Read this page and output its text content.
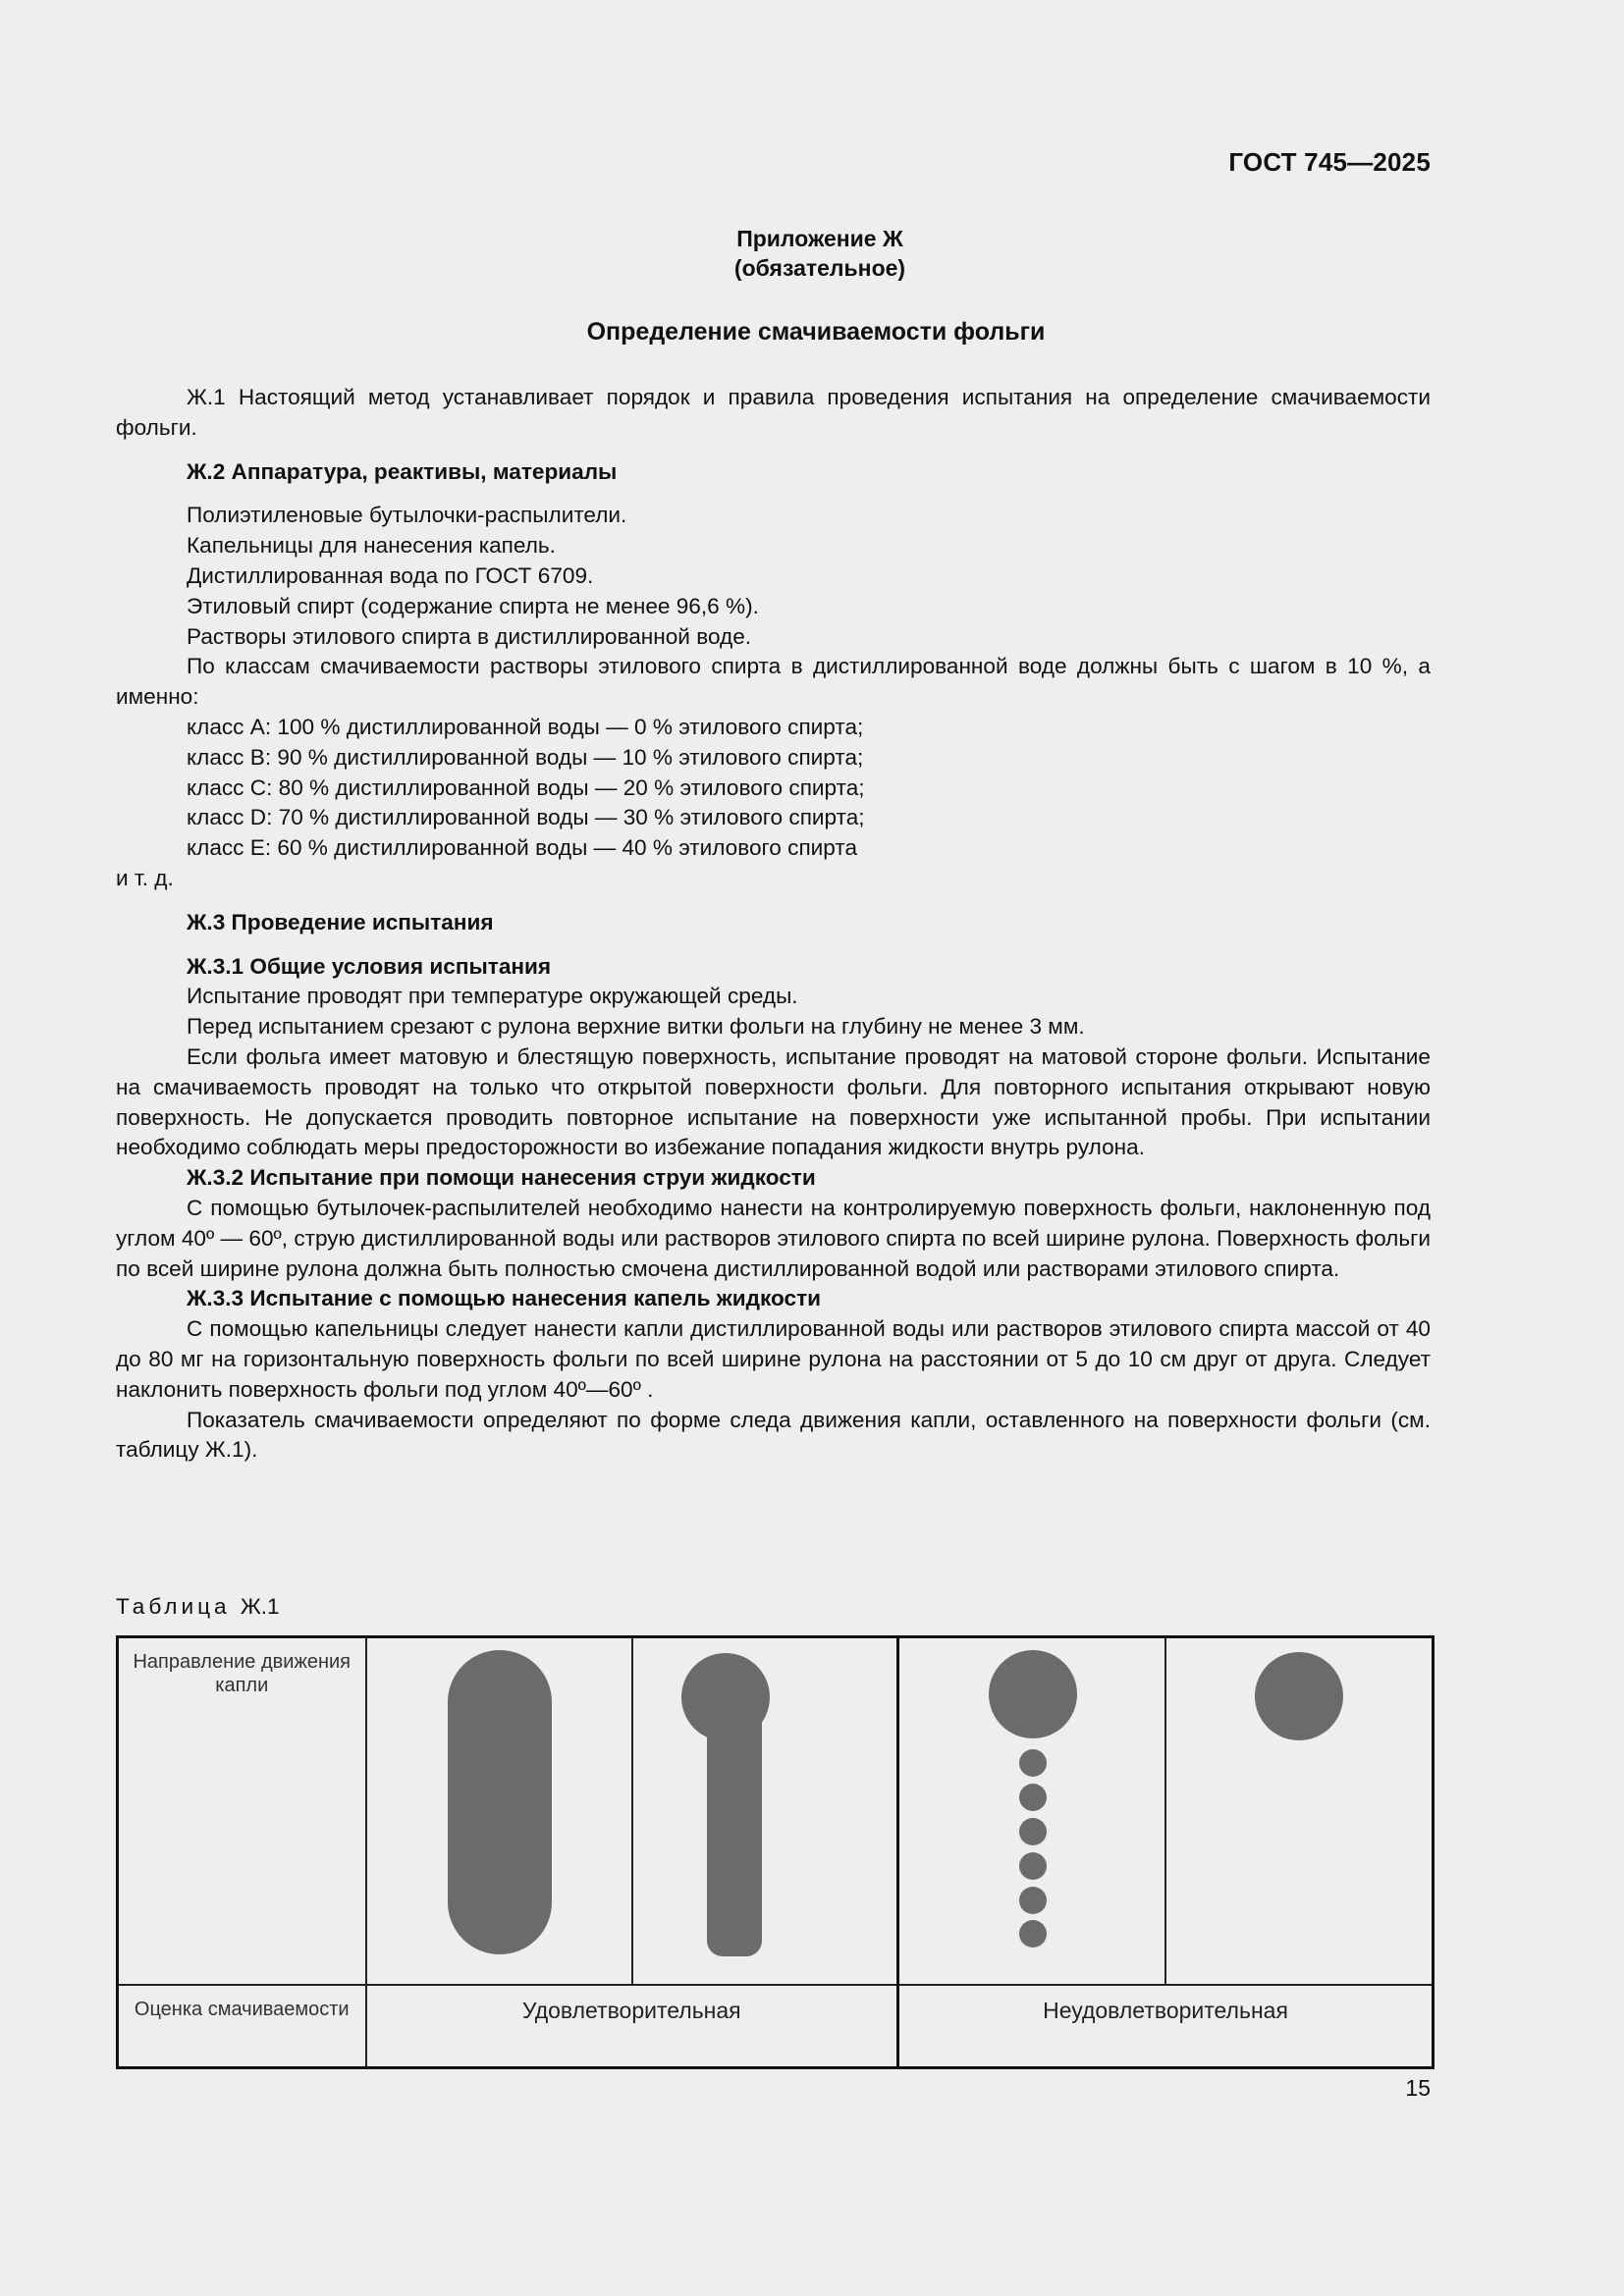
ГОСТ 745—2025
Приложение Ж
(обязательное)
Определение смачиваемости фольги

Ж.1 Настоящий метод устанавливает порядок и правила проведения испытания на определение смачиваемости фольги.

Ж.2 Аппаратура, реактивы, материалы

Полиэтиленовые бутылочки-распылители.

Капельницы для нанесения капель.

Дистиллированная вода по ГОСТ 6709.

Этиловый спирт (содержание спирта не менее 96,6 %).

Растворы этилового спирта в дистиллированной воде.

По классам смачиваемости растворы этилового спирта в дистиллированной воде должны быть с шагом в 10 %, а именно:

класс А: 100 % дистиллированной воды — 0 % этилового спирта;

класс В: 90 % дистиллированной воды — 10 % этилового спирта;

класс С: 80 % дистиллированной воды — 20 % этилового спирта;

класс D: 70 % дистиллированной воды — 30 % этилового спирта;

класс Е: 60 % дистиллированной воды — 40 % этилового спирта

и т. д.

Ж.3 Проведение испытания

Ж.3.1 Общие условия испытания

Испытание проводят при температуре окружающей среды.

Перед испытанием срезают с рулона верхние витки фольги на глубину не менее 3 мм.

Если фольга имеет матовую и блестящую поверхность, испытание проводят на матовой стороне фольги. Испытание на смачиваемость проводят на только что открытой поверхности фольги. Для повторного испытания открывают новую поверхность. Не допускается проводить повторное испытание на поверхности уже испытанной пробы. При испытании необходимо соблюдать меры предосторожности во избежание попадания жидкости внутрь рулона.

Ж.3.2 Испытание при помощи нанесения струи жидкости

С помощью бутылочек-распылителей необходимо нанести на контролируемую поверхность фольги, наклоненную под углом 40º — 60º, струю дистиллированной воды или растворов этилового спирта по всей ширине рулона. Поверхность фольги по всей ширине рулона должна быть полностью смочена дистиллированной водой или растворами этилового спирта.

Ж.3.3 Испытание с помощью нанесения капель жидкости

С помощью капельницы следует нанести капли дистиллированной воды или растворов этилового спирта массой от 40 до 80 мг на горизонтальную поверхность фольги по всей ширине рулона на расстоянии от 5 до 10 см друг от друга. Следует наклонить поверхность фольги под углом 40º—60º .

Показатель смачиваемости определяют по форме следа движения капли, оставленного на поверхности фольги (см. таблицу Ж.1).

Таблица Ж.1
Направление движения капли	

Оценка смачиваемости	Удовлетворительная		Неудовлетворительная	
15
